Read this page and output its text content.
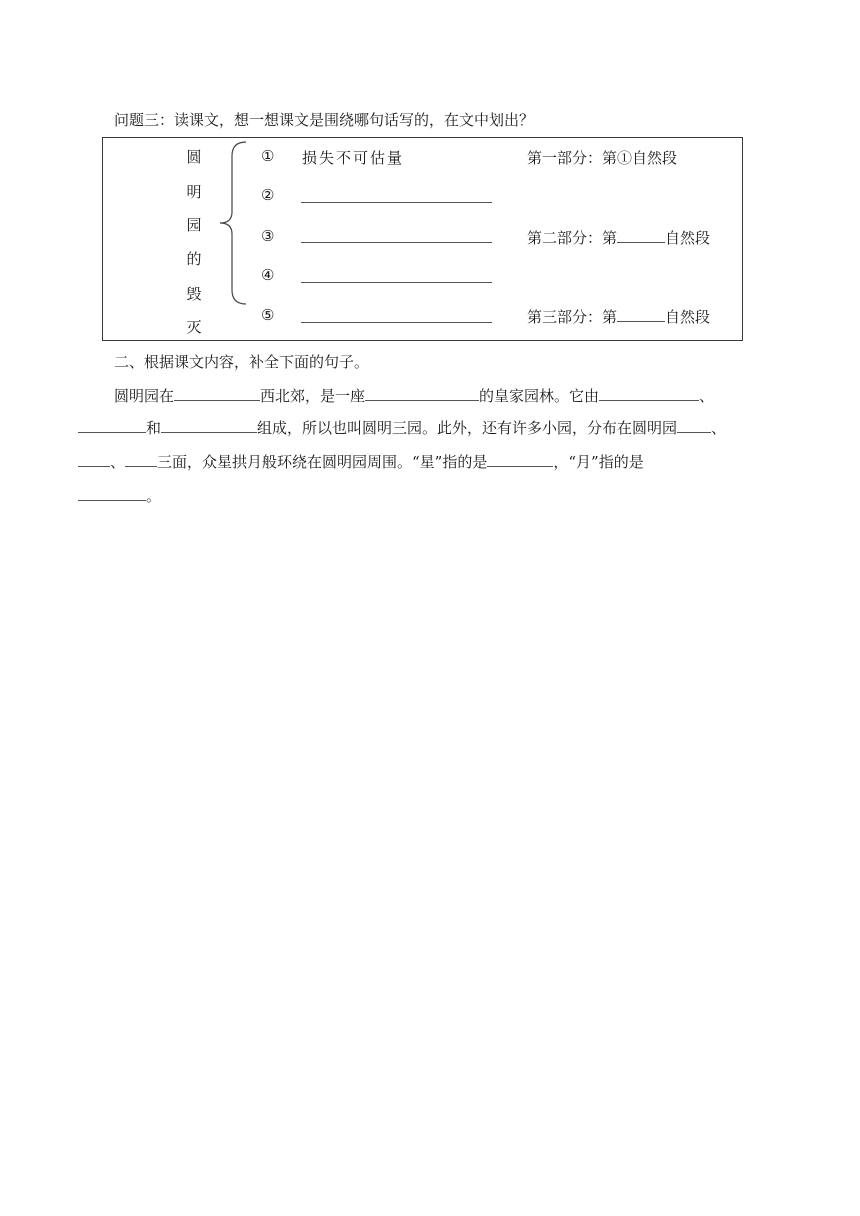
问题三：读课文，想一想课文是围绕哪句话写的，在文中划出？
圆
明
园
的
毁
灭
① 损失不可估量
②
③
④
⑤
第一部分：第①自然段
第二部分：第	自然段
第三部分：第	自然段
二、根据课文内容，补全下面的句子。
圆明园在	西北郊，是一座	的皇家园林。它由	、
和	组成，所以也叫圆明三园。此外，还有许多小园，分布在圆明园 、
、 三面，众星拱月般环绕在圆明园周围。“星”指的是	，“月”指的是
。
